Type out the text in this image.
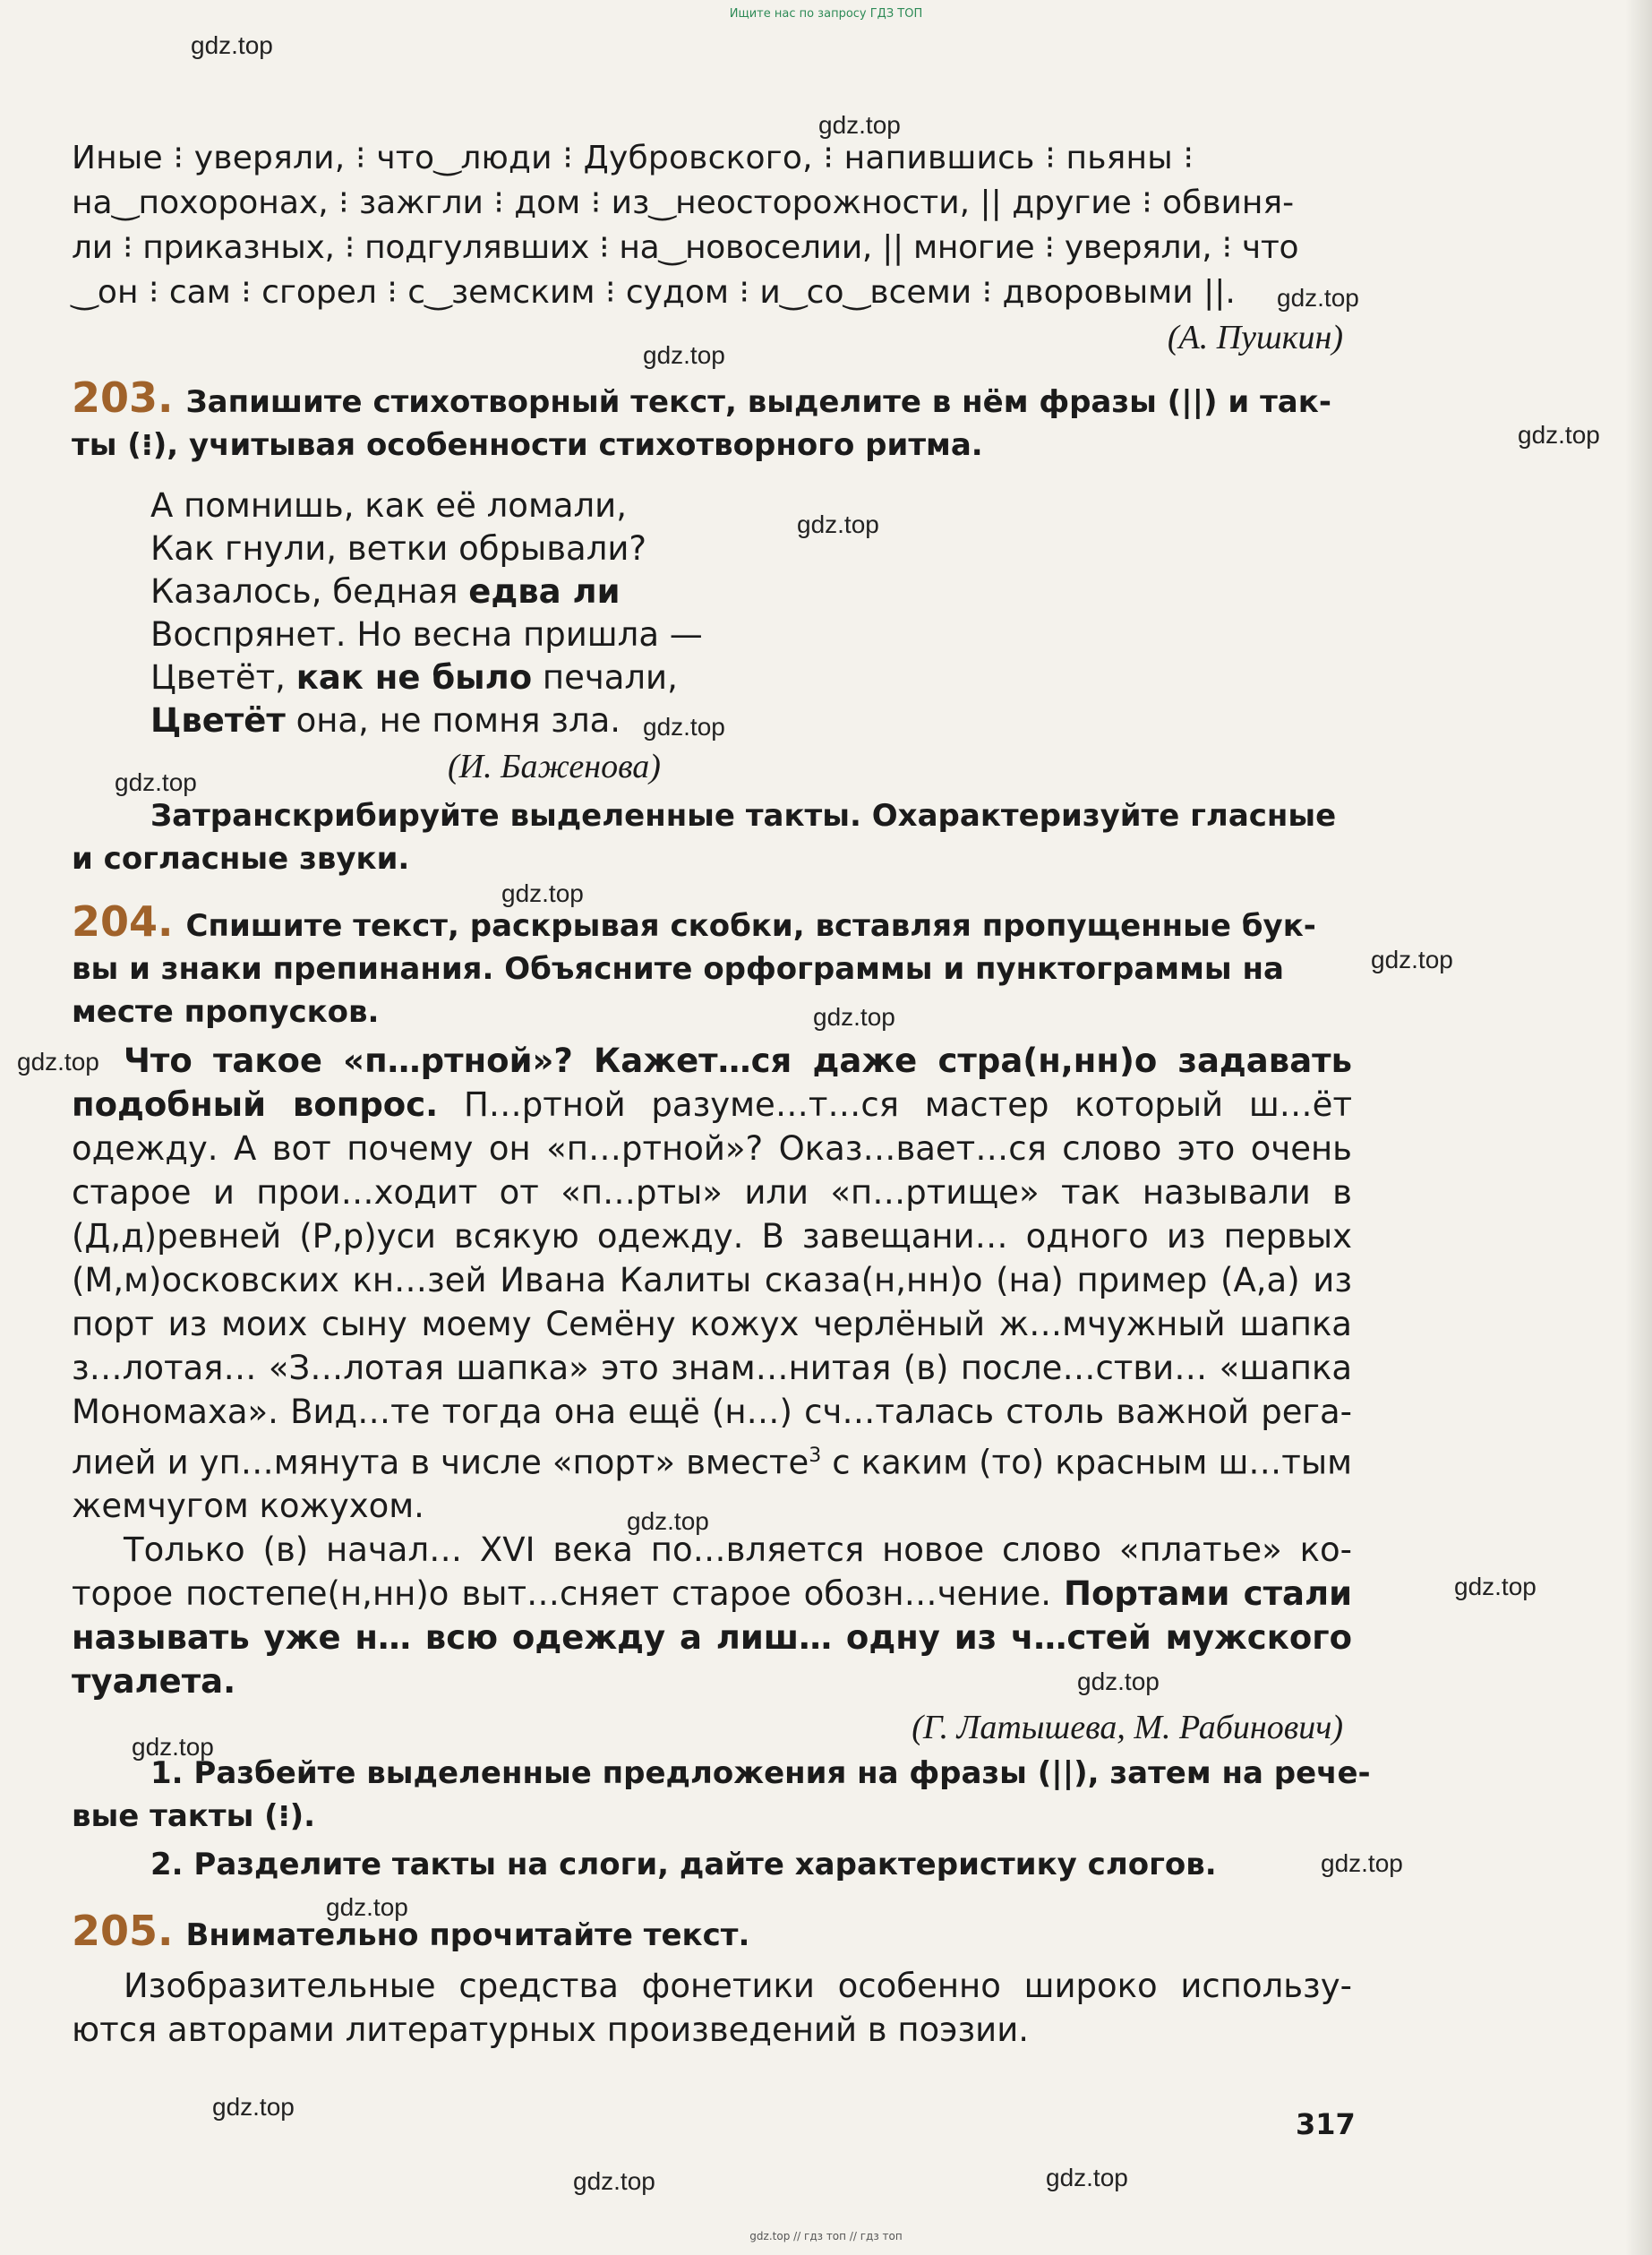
Ищите нас по запросу ГДЗ ТОП
gdz.top
gdz.top
gdz.top
gdz.top
gdz.top
gdz.top
gdz.top
gdz.top
gdz.top
gdz.top
gdz.top
gdz.top
gdz.top
gdz.top
gdz.top
gdz.top
gdz.top
gdz.top
gdz.top
gdz.top
gdz.top
Иные ⁝ уверяли, ⁝ что‿люди ⁝ Дубровского, ⁝ напившись ⁝ пьяны ⁝
на‿похоронах, ⁝ зажгли ⁝ дом ⁝ из‿неосторожности, || другие ⁝ обвиня-
ли ⁝ приказных, ⁝ подгулявших ⁝ на‿новоселии, || многие ⁝ уверяли, ⁝ что
‿он ⁝ сам ⁝ сгорел ⁝ с‿земским ⁝ судом ⁝ и‿со‿всеми ⁝ дворовыми ||.
(А. Пушкин)
203. Запишите стихотворный текст, выделите в нём фразы (||) и так-
ты (⁝), учитывая особенности стихотворного ритма.
А помнишь, как её ломали,
Как гнули, ветки обрывали?
Казалось, бедная едва ли
Воспрянет. Но весна пришла —
Цветёт, как не было печали,
Цветёт она, не помня зла.
(И. Баженова)
Затранскрибируйте выделенные такты. Охарактеризуйте гласные
и согласные звуки.
204. Спишите текст, раскрывая скобки, вставляя пропущенные бук-
вы и знаки препинания. Объясните орфограммы и пунктограммы на
месте пропусков.
Что такое «п…ртной»? Кажет…ся даже стра(н,нн)о задавать подобный вопрос. П…ртной разуме…т…ся мастер который ш…ёт одежду. А вот почему он «п…ртной»? Оказ…вает…ся слово это очень старое и прои…ходит от «п…рты» или «п…ртище» так называли в (Д,д)ревней (Р,р)уси всякую одежду. В завещани… одного из первых (М,м)осковских кн…зей Ивана Калиты сказа(н,нн)о (на) пример (А,а) из порт из моих сыну моему Семёну кожух черлёный ж…мчужный шапка з…лотая… «З…лотая шапка» это знам…нитая (в) после…стви… «шапка Мономаха». Вид…те тогда она ещё (н…) сч…талась столь важной регалией и уп…мянута в числе «порт» вместе$^3$ с каким (то) красным ш…тым жемчугом кожухом.
Только (в) начал… XVI века по…вляется новое слово «платье» которое постепе(н,нн)о выт…сняет старое обозн…чение. Портами стали называть уже н… всю одежду а лиш… одну из ч…стей мужского туалета.
(Г. Латышева, М. Рабинович)
1. Разбейте выделенные предложения на фразы (||), затем на рече-
вые такты (⁝).
2. Разделите такты на слоги, дайте характеристику слогов.
205. Внимательно прочитайте текст.
Изобразительные средства фонетики особенно широко используются авторами литературных произведений в поэзии.
317
gdz.top // гдз топ // гдз топ
